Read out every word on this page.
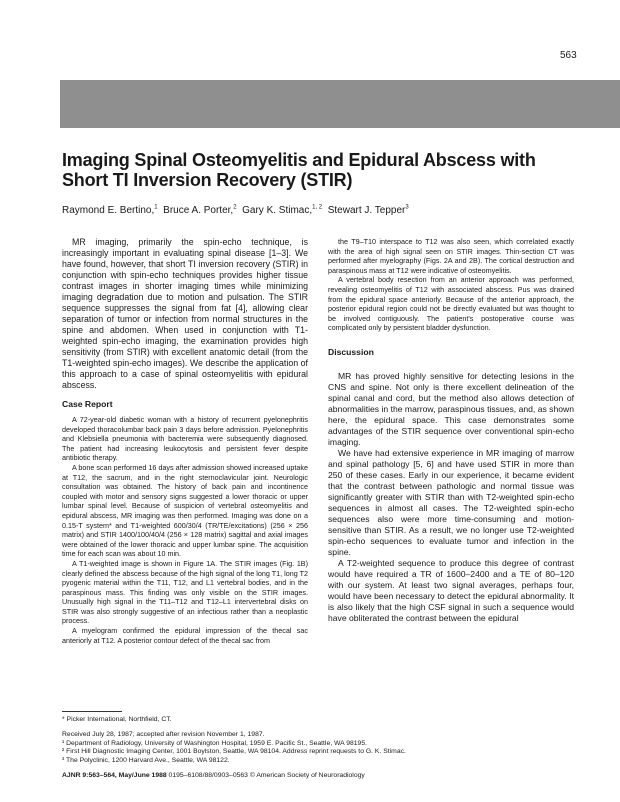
563
Imaging Spinal Osteomyelitis and Epidural Abscess with Short TI Inversion Recovery (STIR)
Raymond E. Bertino,$^1$ Bruce A. Porter,$^2$ Gary K. Stimac,$^{1, 2}$ Stewart J. Tepper$^3$

MR imaging, primarily the spin-echo technique, is increasingly important in evaluating spinal disease [1–3]. We have found, however, that short TI inversion recovery (STIR) in conjunction with spin-echo techniques provides higher tissue contrast images in shorter imaging times while minimizing imaging degradation due to motion and pulsation. The STIR sequence suppresses the signal from fat [4], allowing clear separation of tumor or infection from normal structures in the spine and abdomen. When used in conjunction with T1-weighted spin-echo imaging, the examination provides high sensitivity (from STIR) with excellent anatomic detail (from the T1-weighted spin-echo images). We describe the application of this approach to a case of spinal osteomyelitis with epidural abscess.

Case Report

A 72-year-old diabetic woman with a history of recurrent pyelonephritis developed thoracolumbar back pain 3 days before admission. Pyelonephritis and Klebsiella pneumonia with bacteremia were subsequently diagnosed. The patient had increasing leukocytosis and persistent fever despite antibiotic therapy.

A bone scan performed 16 days after admission showed increased uptake at T12, the sacrum, and in the right sternoclavicular joint. Neurologic consultation was obtained. The history of back pain and incontinence coupled with motor and sensory signs suggested a lower thoracic or upper lumbar spinal level. Because of suspicion of vertebral osteomyelitis and epidural abscess, MR imaging was then performed. Imaging was done on a 0.15-T system* and T1-weighted 600/30/4 (TR/TE/excitations) (256 × 256 matrix) and STIR 1400/100/40/4 (256 × 128 matrix) sagittal and axial images were obtained of the lower thoracic and upper lumbar spine. The acquisition time for each scan was about 10 min.

A T1-weighted image is shown in Figure 1A. The STIR images (Fig. 1B) clearly defined the abscess because of the high signal of the long T1, long T2 pyogenic material within the T11, T12, and L1 vertebral bodies, and in the paraspinous mass. This finding was only visible on the STIR images. Unusually high signal in the T11–T12 and T12–L1 intervertebral disks on STIR was also strongly suggestive of an infectious rather than a neoplastic process.

A myelogram confirmed the epidural impression of the thecal sac anteriorly at T12. A posterior contour defect of the thecal sac from

the T9–T10 interspace to T12 was also seen, which correlated exactly with the area of high signal seen on STIR images. Thin-section CT was performed after myelography (Figs. 2A and 2B). The cortical destruction and paraspinous mass at T12 were indicative of osteomyelitis.

A vertebral body resection from an anterior approach was performed, revealing osteomyelitis of T12 with associated abscess. Pus was drained from the epidural space anteriorly. Because of the anterior approach, the posterior epidural region could not be directly evaluated but was thought to be involved contiguously. The patient's postoperative course was complicated only by persistent bladder dysfunction.

Discussion

MR has proved highly sensitive for detecting lesions in the CNS and spine. Not only is there excellent delineation of the spinal canal and cord, but the method also allows detection of abnormalities in the marrow, paraspinous tissues, and, as shown here, the epidural space. This case demonstrates some advantages of the STIR sequence over conventional spin-echo imaging.

We have had extensive experience in MR imaging of marrow and spinal pathology [5, 6] and have used STIR in more than 250 of these cases. Early in our experience, it became evident that the contrast between pathologic and normal tissue was significantly greater with STIR than with T2-weighted spin-echo sequences in almost all cases. The T2-weighted spin-echo sequences also were more time-consuming and motion-sensitive than STIR. As a result, we no longer use T2-weighted spin-echo sequences to evaluate tumor and infection in the spine.

A T2-weighted sequence to produce this degree of contrast would have required a TR of 1600–2400 and a TE of 80–120 with our system. At least two signal averages, perhaps four, would have been necessary to detect the epidural abnormality. It is also likely that the high CSF signal in such a sequence would have obliterated the contrast between the epidural

* Picker International, Northfield, CT.
Received July 28, 1987; accepted after revision November 1, 1987.
¹ Department of Radiology, University of Washington Hospital, 1959 E. Pacific St., Seattle, WA 98195.
² First Hill Diagnostic Imaging Center, 1001 Boylston, Seattle, WA 98104. Address reprint requests to G. K. Stimac.
³ The Polyclinic, 1200 Harvard Ave., Seattle, WA 98122.
AJNR 9:563–564, May/June 1988 0195–6108/88/0903–0563 © American Society of Neuroradiology
